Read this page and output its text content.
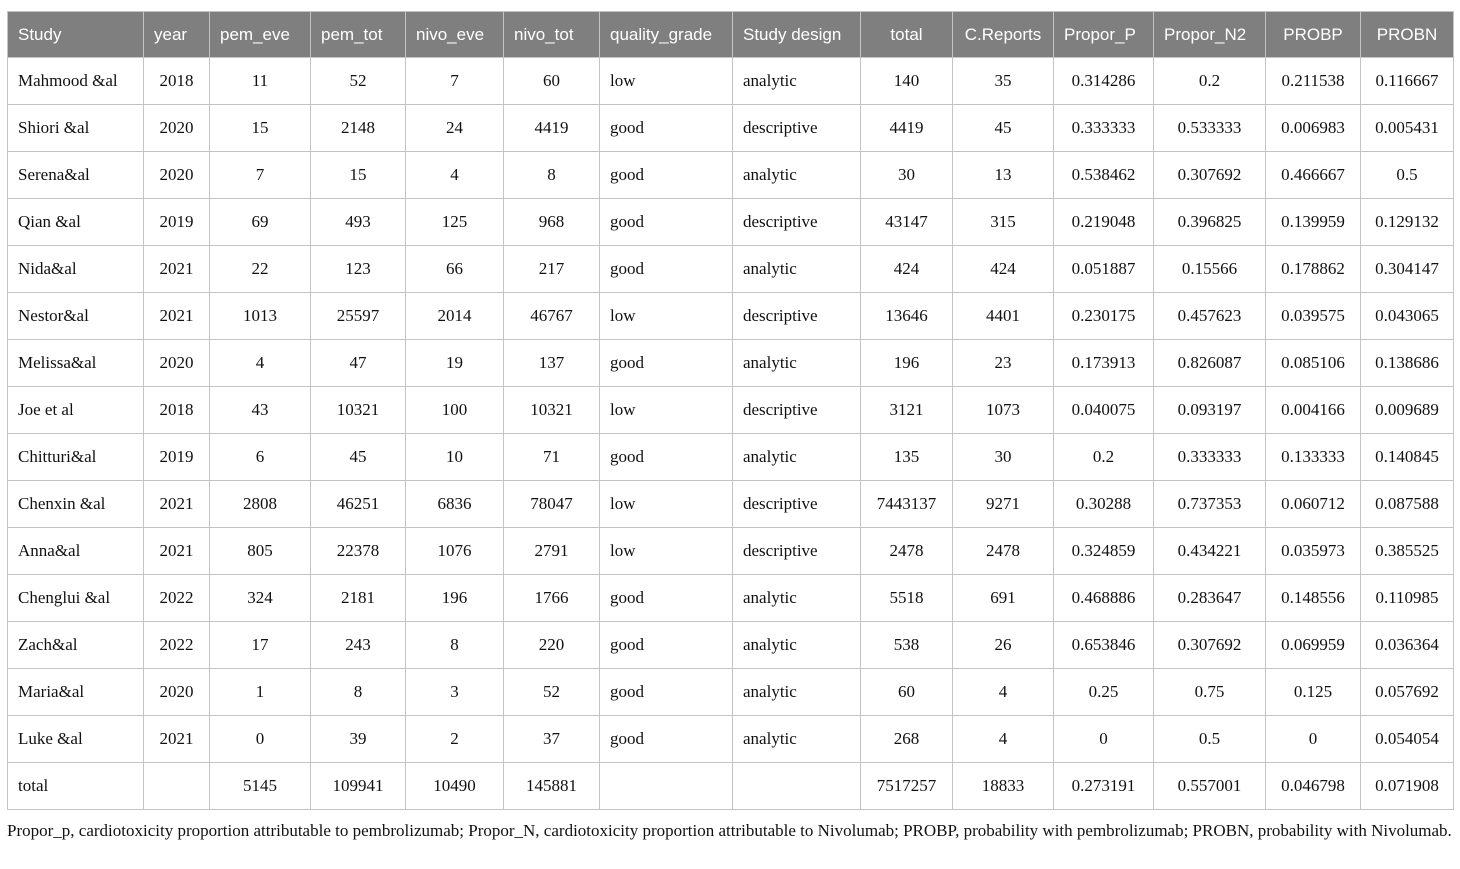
Study	year	pem_eve	pem_tot	nivo_eve	nivo_tot	quality_grade	Study design	total	C.Reports	Propor_P	Propor_N2	PROBP	PROBN
Mahmood &al	2018	11	52	7	60	low	analytic	140	35	0.314286	0.2	0.211538	0.116667
Shiori &al	2020	15	2148	24	4419	good	descriptive	4419	45	0.333333	0.533333	0.006983	0.005431
Serena&al	2020	7	15	4	8	good	analytic	30	13	0.538462	0.307692	0.466667	0.5
Qian &al	2019	69	493	125	968	good	descriptive	43147	315	0.219048	0.396825	0.139959	0.129132
Nida&al	2021	22	123	66	217	good	analytic	424	424	0.051887	0.15566	0.178862	0.304147
Nestor&al	2021	1013	25597	2014	46767	low	descriptive	13646	4401	0.230175	0.457623	0.039575	0.043065
Melissa&al	2020	4	47	19	137	good	analytic	196	23	0.173913	0.826087	0.085106	0.138686
Joe et al	2018	43	10321	100	10321	low	descriptive	3121	1073	0.040075	0.093197	0.004166	0.009689
Chitturi&al	2019	6	45	10	71	good	analytic	135	30	0.2	0.333333	0.133333	0.140845
Chenxin &al	2021	2808	46251	6836	78047	low	descriptive	7443137	9271	0.30288	0.737353	0.060712	0.087588
Anna&al	2021	805	22378	1076	2791	low	descriptive	2478	2478	0.324859	0.434221	0.035973	0.385525
Chenglui &al	2022	324	2181	196	1766	good	analytic	5518	691	0.468886	0.283647	0.148556	0.110985
Zach&al	2022	17	243	8	220	good	analytic	538	26	0.653846	0.307692	0.069959	0.036364
Maria&al	2020	1	8	3	52	good	analytic	60	4	0.25	0.75	0.125	0.057692
Luke &al	2021	0	39	2	37	good	analytic	268	4	0	0.5	0	0.054054
total		5145	109941	10490	145881			7517257	18833	0.273191	0.557001	0.046798	0.071908
Propor_p, cardiotoxicity proportion attributable to pembrolizumab; Propor_N, cardiotoxicity proportion attributable to Nivolumab; PROBP, probability with pembrolizumab; PROBN, probability with Nivolumab.
